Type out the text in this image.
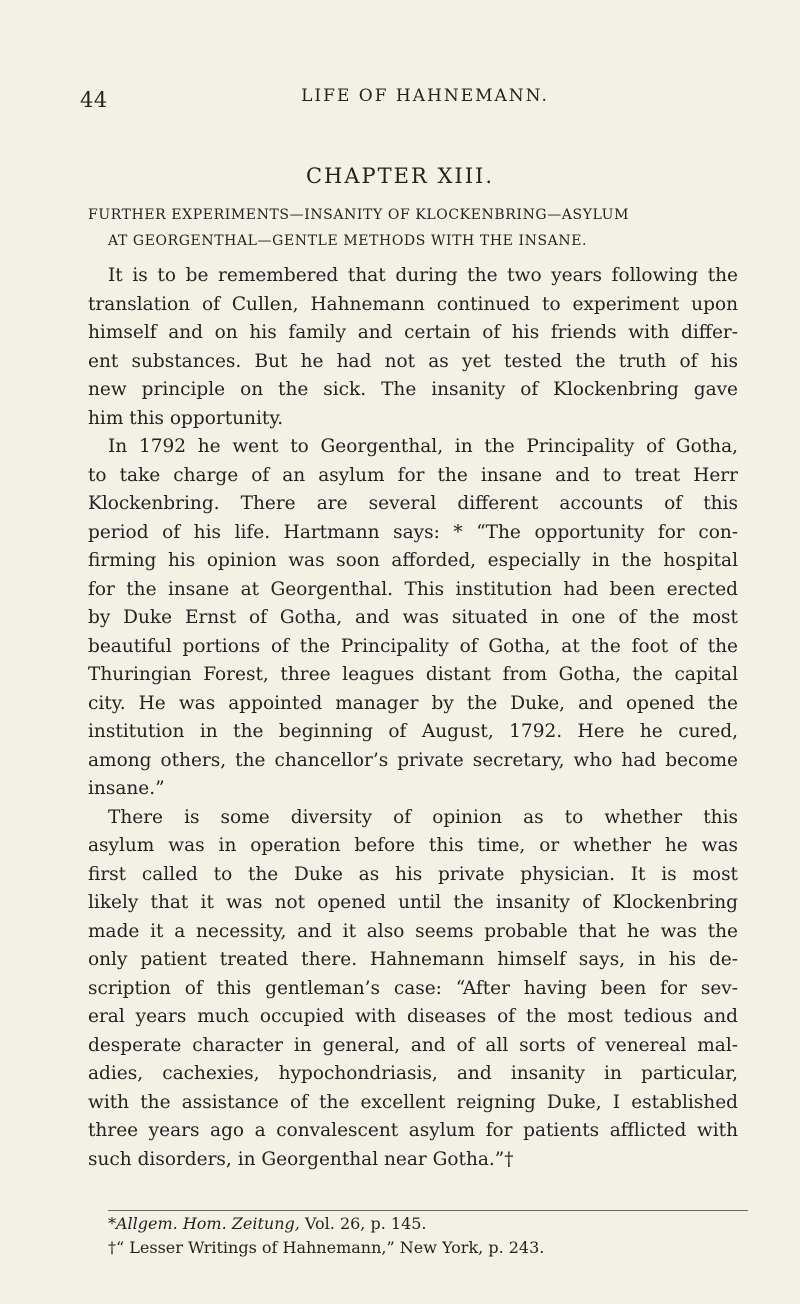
44	LIFE OF HAHNEMANN.
CHAPTER XIII.
FURTHER EXPERIMENTS—INSANITY OF KLOCKENBRING—ASYLUM
AT GEORGENTHAL—GENTLE METHODS WITH THE INSANE.
It is to be remembered that during the two years following the
translation of Cullen, Hahnemann continued to experiment upon
himself and on his family and certain of his friends with differ-
ent substances. But he had not as yet tested the truth of his
new principle on the sick. The insanity of Klockenbring gave
him this opportunity.
In 1792 he went to Georgenthal, in the Principality of Gotha,
to take charge of an asylum for the insane and to treat Herr
Klockenbring. There are several different accounts of this
period of his life. Hartmann says: * “The opportunity for con-
firming his opinion was soon afforded, especially in the hospital
for the insane at Georgenthal. This institution had been erected
by Duke Ernst of Gotha, and was situated in one of the most
beautiful portions of the Principality of Gotha, at the foot of the
Thuringian Forest, three leagues distant from Gotha, the capital
city. He was appointed manager by the Duke, and opened the
institution in the beginning of August, 1792. Here he cured,
among others, the chancellor’s private secretary, who had become
insane.”
There is some diversity of opinion as to whether this
asylum was in operation before this time, or whether he was
first called to the Duke as his private physician. It is most
likely that it was not opened until the insanity of Klockenbring
made it a necessity, and it also seems probable that he was the
only patient treated there. Hahnemann himself says, in his de-
scription of this gentleman’s case: “After having been for sev-
eral years much occupied with diseases of the most tedious and
desperate character in general, and of all sorts of venereal mal-
adies, cachexies, hypochondriasis, and insanity in particular,
with the assistance of the excellent reigning Duke, I established
three years ago a convalescent asylum for patients afflicted with
such disorders, in Georgenthal near Gotha.”†
*Allgem. Hom. Zeitung, Vol. 26, p. 145.
†“ Lesser Writings of Hahnemann,” New York, p. 243.
